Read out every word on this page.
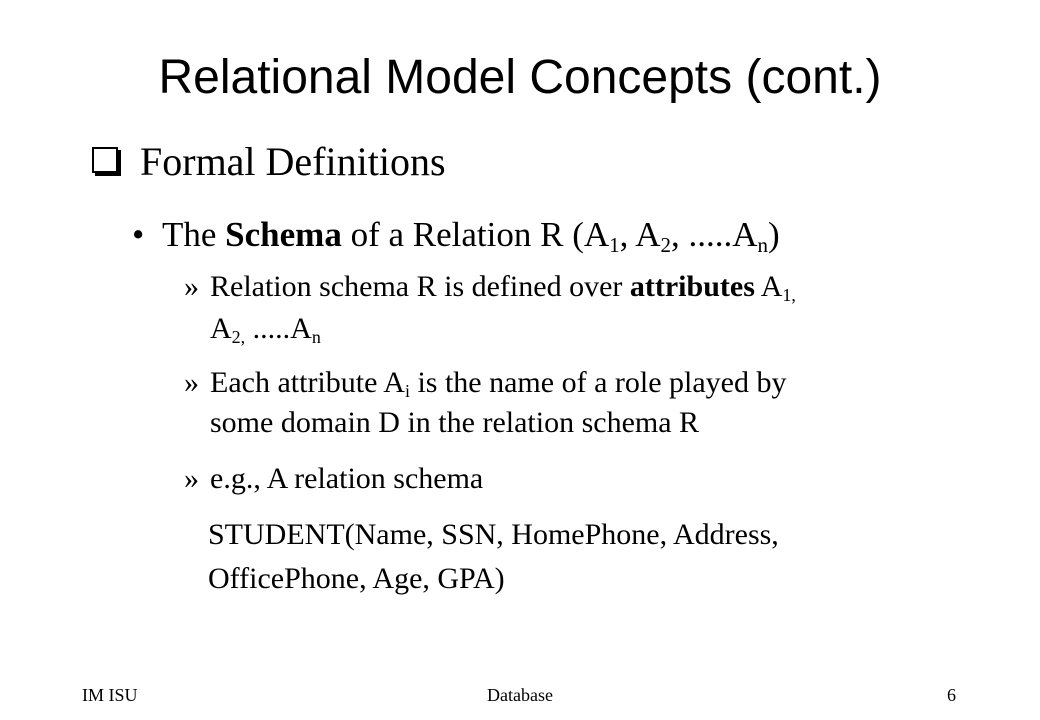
Relational Model Concepts (cont.)
Formal Definitions
• The Schema of a Relation R ($A_1$, $A_2$, $.....A_n$)
» Relation schema R is defined over attributes $A_{1,}$
$A_{2,}$ $.....A_n$
» Each attribute $A_i$ is the name of a role played by
some domain D in the relation schema R
» e.g., A relation schema
STUDENT(Name, SSN, HomePhone, Address,
OfficePhone, Age, GPA)
IM ISU	Database	6
